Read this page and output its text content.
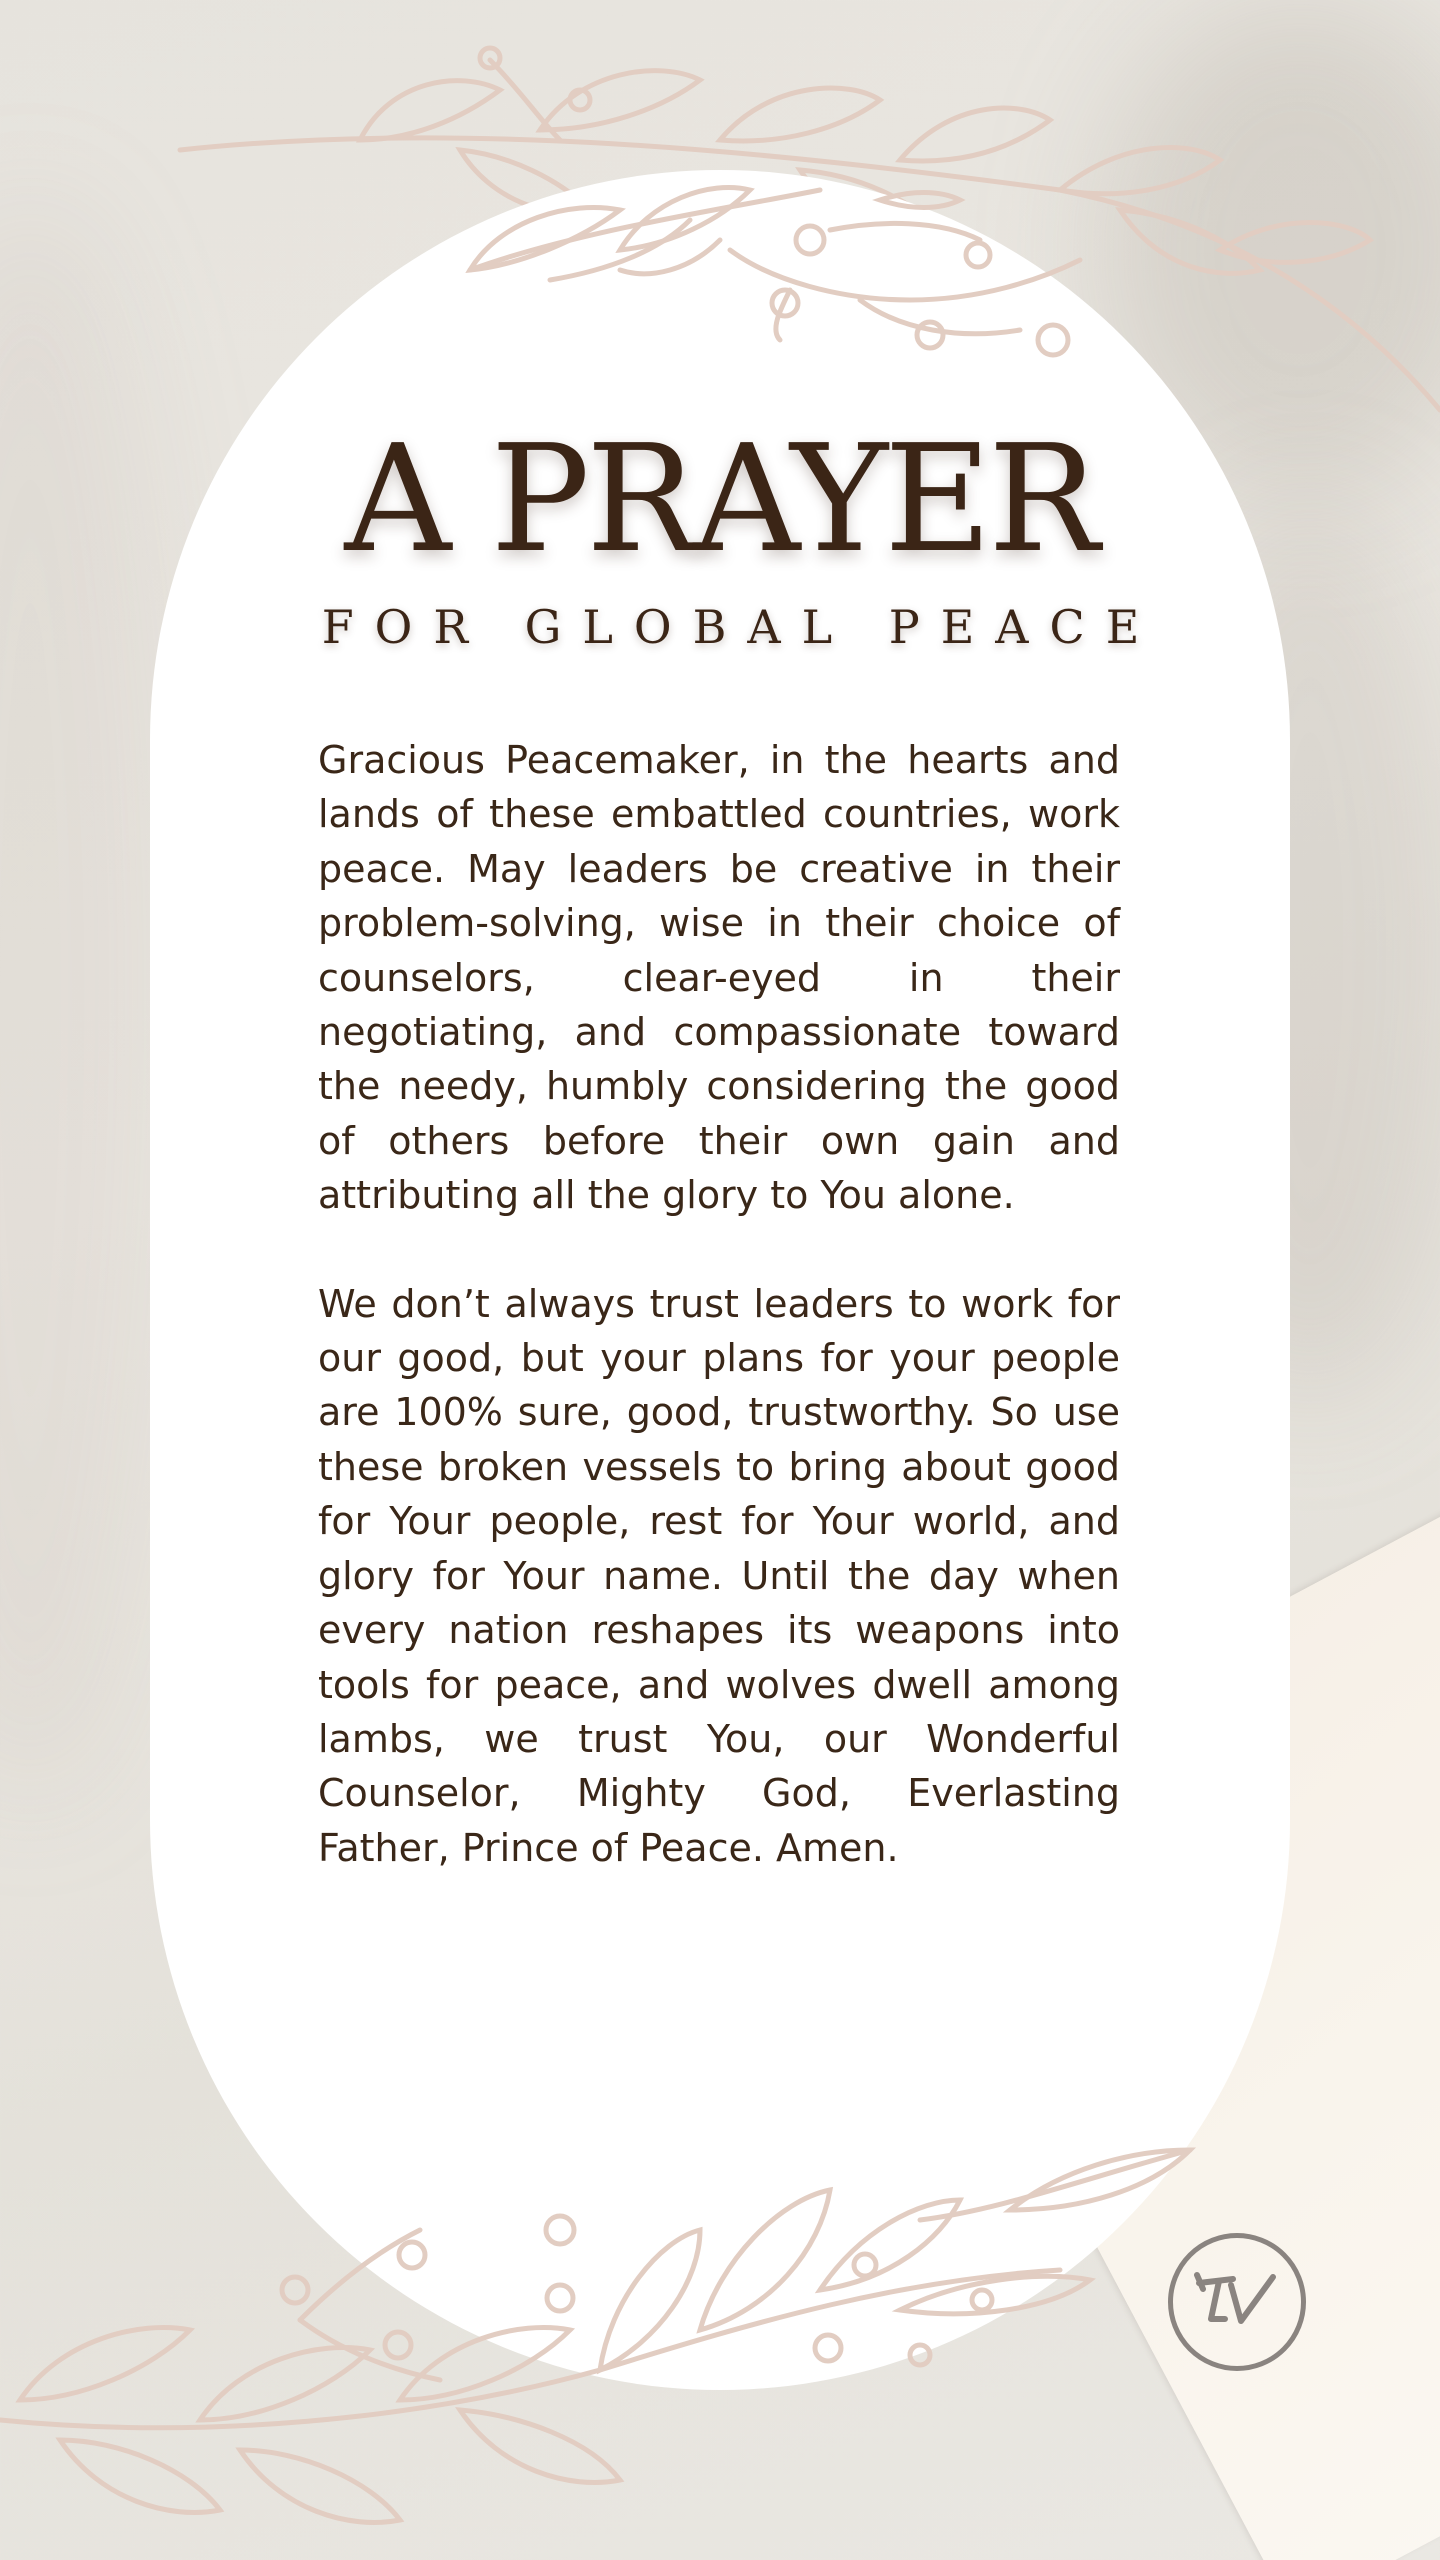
A PRAYER
FOR GLOBAL PEACE

Gracious Peacemaker, in the hearts and lands of these embattled countries, work peace. May leaders be creative in their problem-solving, wise in their choice of counselors, clear-eyed in their negotiating, and compassionate toward the needy, humbly considering the good of others before their own gain and attributing all the glory to You alone.

We don’t always trust leaders to work for our good, but your plans for your people are 100% sure, good, trustworthy. So use these broken vessels to bring about good for Your people, rest for Your world, and glory for Your name. Until the day when every nation reshapes its weapons into tools for peace, and wolves dwell among lambs, we trust You, our Wonderful Counselor, Mighty God, Everlasting Father, Prince of Peace. Amen.
